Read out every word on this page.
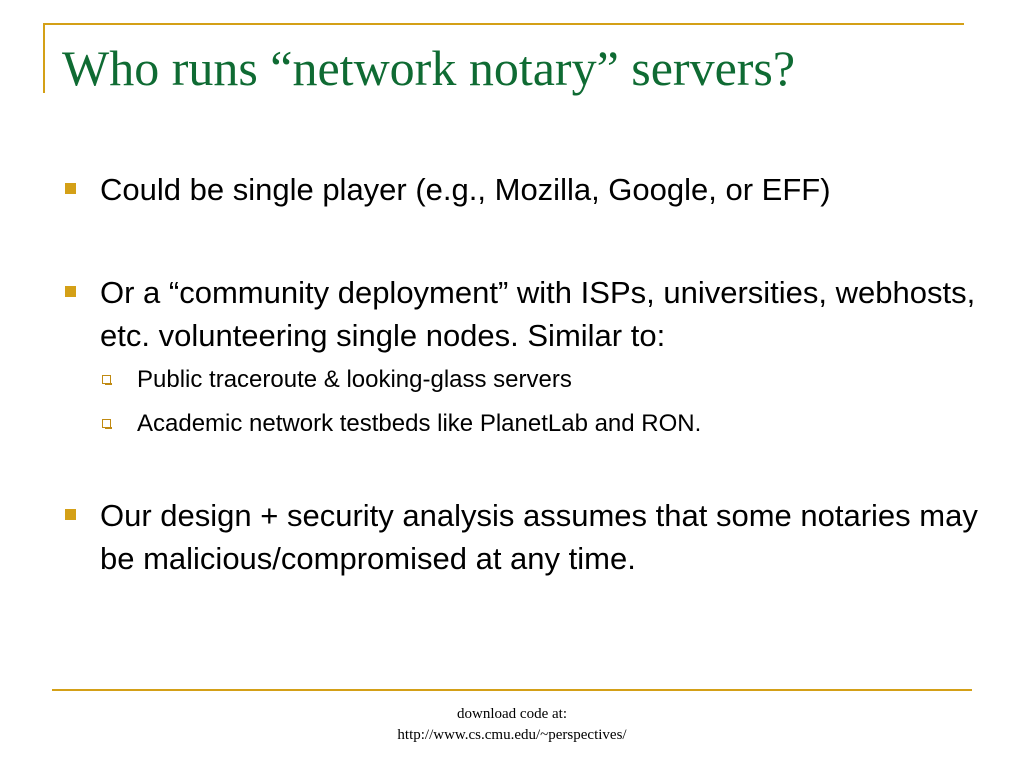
Who runs “network notary” servers?
Could be single player (e.g., Mozilla, Google, or EFF)
Or a “community deployment” with ISPs, universities, webhosts, etc. volunteering single nodes. Similar to:
Public traceroute & looking-glass servers
Academic network testbeds like PlanetLab and RON.
Our design + security analysis assumes that some notaries may be malicious/compromised at any time.
download code at:
http://www.cs.cmu.edu/~perspectives/
